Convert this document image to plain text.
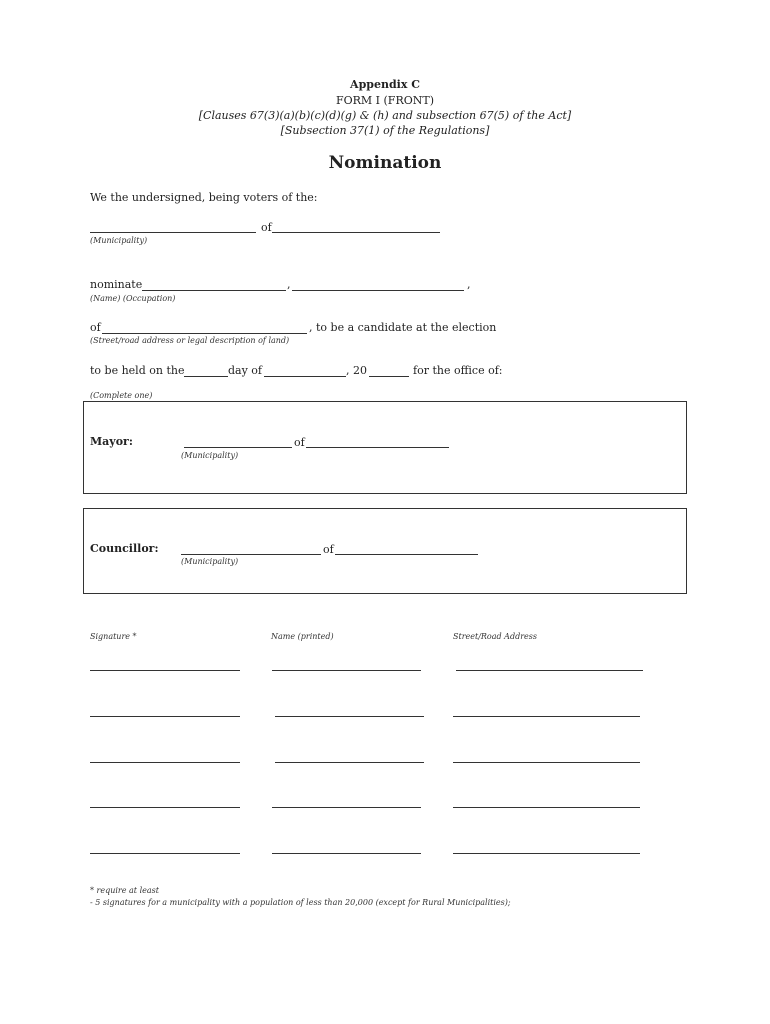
Appendix C
FORM I (FRONT)
[Clauses 67(3)(a)(b)(c)(d)(g) & (h) and subsection 67(5) of the Act]
[Subsection 37(1) of the Regulations]
Nomination
We the undersigned, being voters of the:
of
(Municipality)
nominate	,	,
(Name) (Occupation)
of	, to be a candidate at the election
(Street/road address or legal description of land)
to be held on the	day of	, 20	for the office of:
(Complete one)
Mayor:	of
(Municipality)
Councillor:	of
(Municipality)
Signature *	Name (printed)	Street/Road Address
* require at least
- 5 signatures for a municipality with a population of less than 20,000 (except for Rural Municipalities);
